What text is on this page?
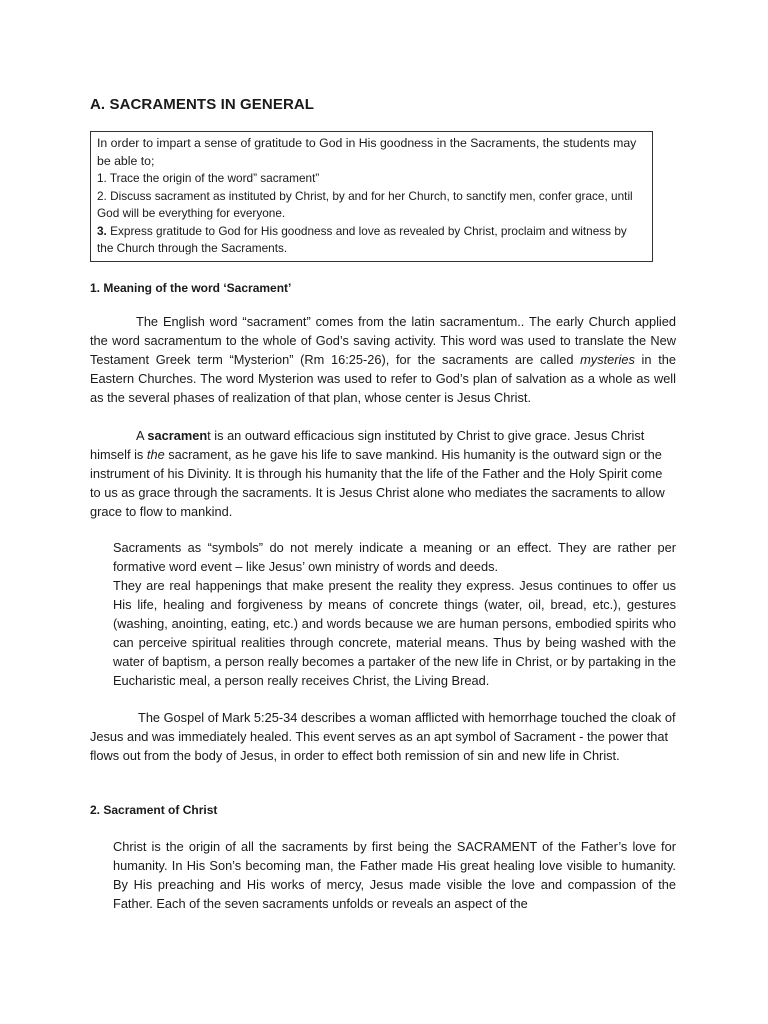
A. SACRAMENTS IN GENERAL

In order to impart a sense of gratitude to God in His goodness in the Sacraments, the students may be able to;

1. Trace the origin of the word” sacrament”

2. Discuss sacrament as instituted by Christ, by and for her Church, to sanctify men, confer grace, until God will be everything for everyone.

3. Express gratitude to God for His goodness and love as revealed by Christ, proclaim and witness by the Church through the Sacraments.

1. Meaning of the word ‘Sacrament’

The English word “sacrament” comes from the latin sacramentum.. The early Church applied the word sacramentum to the whole of God’s saving activity. This word was used to translate the New Testament Greek term “Mysterion” (Rm 16:25-26), for the sacraments are called mysteries in the Eastern Churches. The word Mysterion was used to refer to God’s plan of salvation as a whole as well as the several phases of realization of that plan, whose center is Jesus Christ.

A sacrament is an outward efficacious sign instituted by Christ to give grace. Jesus Christ himself is the sacrament, as he gave his life to save mankind. His humanity is the outward sign or the instrument of his Divinity. It is through his humanity that the life of the Father and the Holy Spirit come to us as grace through the sacraments. It is Jesus Christ alone who mediates the sacraments to allow grace to flow to mankind.

Sacraments as “symbols” do not merely indicate a meaning or an effect. They are rather per formative word event – like Jesus’ own ministry of words and deeds.

They are real happenings that make present the reality they express. Jesus continues to offer us His life, healing and forgiveness by means of concrete things (water, oil, bread, etc.), gestures (washing, anointing, eating, etc.) and words because we are human persons, embodied spirits who can perceive spiritual realities through concrete, material means. Thus by being washed with the water of baptism, a person really becomes a partaker of the new life in Christ, or by partaking in the Eucharistic meal, a person really receives Christ, the Living Bread.

The Gospel of Mark 5:25-34 describes a woman afflicted with hemorrhage touched the cloak of Jesus and was immediately healed. This event serves as an apt symbol of Sacrament - the power that flows out from the body of Jesus, in order to effect both remission of sin and new life in Christ.

2. Sacrament of Christ

Christ is the origin of all the sacraments by first being the SACRAMENT of the Father’s love for humanity. In His Son’s becoming man, the Father made His great healing love visible to humanity. By His preaching and His works of mercy, Jesus made visible the love and compassion of the Father. Each of the seven sacraments unfolds or reveals an aspect of the
